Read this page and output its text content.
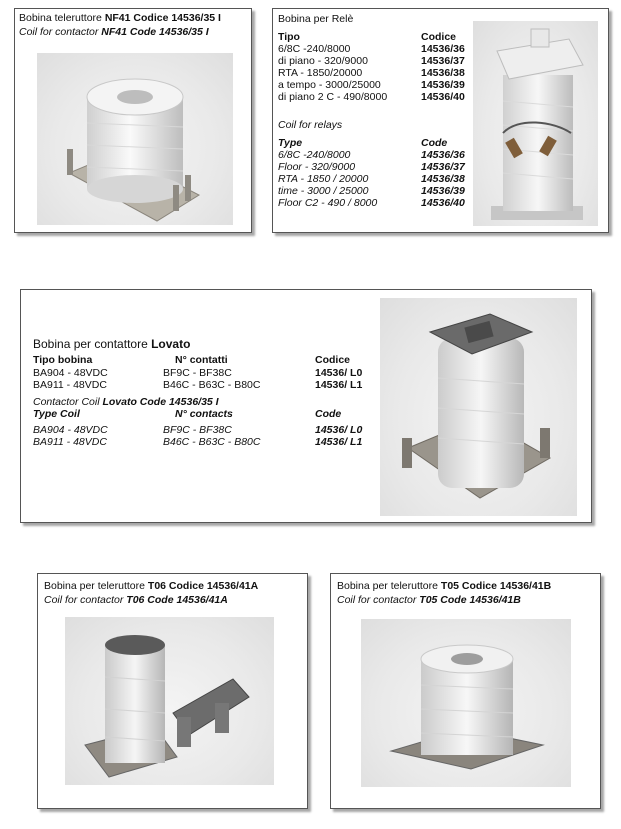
Bobina teleruttore NF41 Codice 14536/35 I
Coil for contactor NF41 Code 14536/35 I
Bobina per Relè
Tipo	Codice
6/8C -240/8000	14536/36
di piano - 320/9000	14536/37
RTA - 1850/20000	14536/38
a tempo - 3000/25000	14536/39
di piano 2 C - 490/8000	14536/40
Coil for relays
Type	Code
6/8C -240/8000	14536/36
Floor - 320/9000	14536/37
RTA - 1850 / 20000	14536/38
time - 3000 / 25000	14536/39
Floor C2 - 490 / 8000	14536/40
Bobina per contattore Lovato
Tipo bobina	N° contatti	Codice
BA904 - 48VDC	BF9C - BF38C	14536/ L0
BA911 - 48VDC	B46C - B63C - B80C	14536/ L1
Contactor Coil Lovato Code 14536/35 I
Type Coil	N° contacts	Code
BA904 - 48VDC	BF9C - BF38C	14536/ L0
BA911 - 48VDC	B46C - B63C - B80C	14536/ L1
Bobina per teleruttore T06 Codice 14536/41A
Coil for contactor T06 Code 14536/41A
Bobina per teleruttore T05 Codice 14536/41B
Coil for contactor T05 Code 14536/41B
